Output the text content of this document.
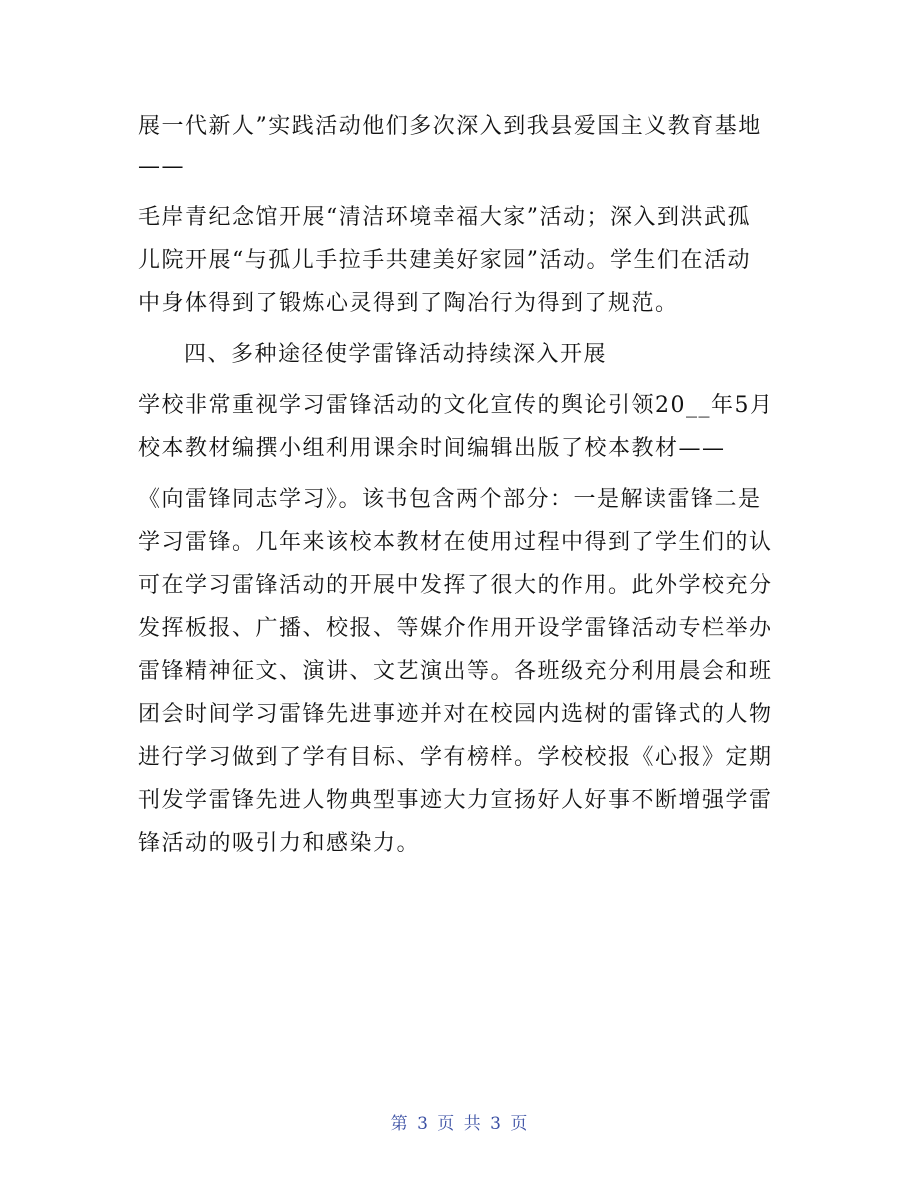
展一代新人”实践活动他们多次深入到我县爱国主义教育基地
——
毛岸青纪念馆开展“清洁环境幸福大家”活动；深入到洪武孤
儿院开展“与孤儿手拉手共建美好家园”活动。学生们在活动
中身体得到了锻炼心灵得到了陶冶行为得到了规范。
四、多种途径使学雷锋活动持续深入开展
学校非常重视学习雷锋活动的文化宣传的舆论引领20__年5月
校本教材编撰小组利用课余时间编辑出版了校本教材——
《向雷锋同志学习》。该书包含两个部分：一是解读雷锋二是
学习雷锋。几年来该校本教材在使用过程中得到了学生们的认
可在学习雷锋活动的开展中发挥了很大的作用。此外学校充分
发挥板报、广播、校报、等媒介作用开设学雷锋活动专栏举办
雷锋精神征文、演讲、文艺演出等。各班级充分利用晨会和班
团会时间学习雷锋先进事迹并对在校园内选树的雷锋式的人物
进行学习做到了学有目标、学有榜样。学校校报《心报》定期
刊发学雷锋先进人物典型事迹大力宣扬好人好事不断增强学雷
锋活动的吸引力和感染力。
第 3 页 共 3 页
